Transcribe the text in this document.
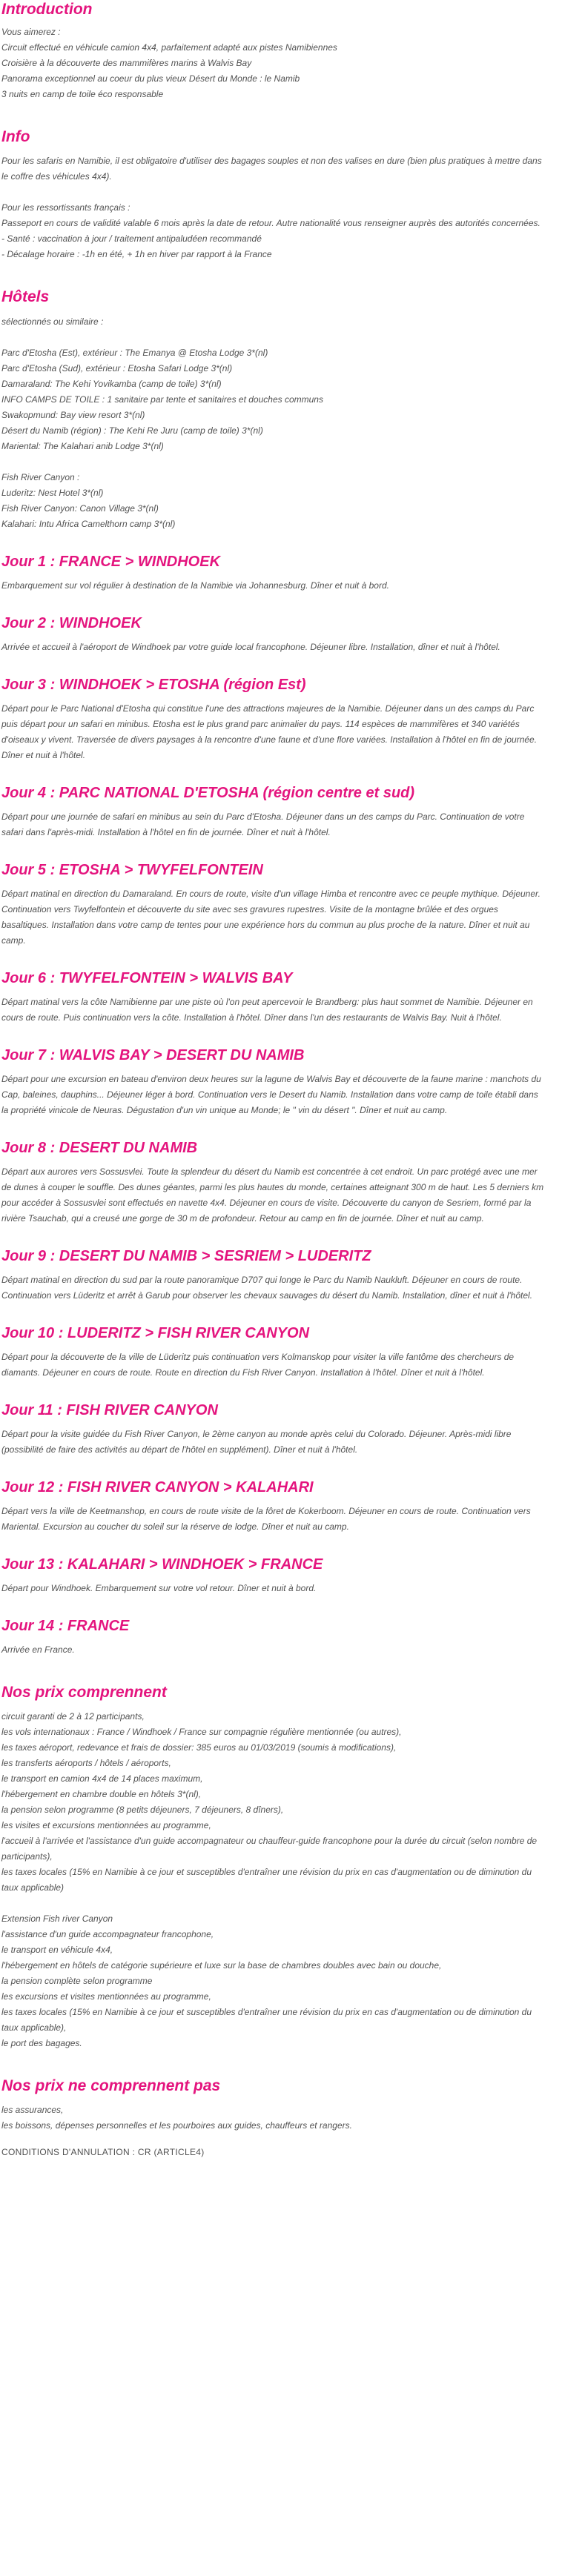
Introduction

Vous aimerez :
Circuit effectué en véhicule camion 4x4, parfaitement adapté aux pistes Namibiennes
Croisière à la découverte des mammifères marins à Walvis Bay
Panorama exceptionnel au coeur du plus vieux Désert du Monde : le Namib
3 nuits en camp de toile éco responsable

Info

Pour les safaris en Namibie, il est obligatoire d'utiliser des bagages souples et non des valises en dure (bien plus pratiques à mettre dans le coffre des véhicules 4x4).

Pour les ressortissants français :
Passeport en cours de validité valable 6 mois après la date de retour. Autre nationalité vous renseigner auprès des autorités concernées.
- Santé : vaccination à jour / traitement antipaludéen recommandé
- Décalage horaire : -1h en été, + 1h en hiver par rapport à la France

Hôtels

sélectionnés ou similaire :

Parc d'Etosha (Est), extérieur : The Emanya @ Etosha Lodge 3*(nl)
Parc d'Etosha (Sud), extérieur : Etosha Safari Lodge 3*(nl)
Damaraland: The Kehi Yovikamba (camp de toile) 3*(nl)
INFO CAMPS DE TOILE : 1 sanitaire par tente et sanitaires et douches communs
Swakopmund: Bay view resort 3*(nl)
Désert du Namib (région) : The Kehi Re Juru (camp de toile) 3*(nl)
Mariental: The Kalahari anib Lodge 3*(nl)

Fish River Canyon :
Luderitz: Nest Hotel 3*(nl)
Fish River Canyon: Canon Village 3*(nl)
Kalahari: Intu Africa Camelthorn camp 3*(nl)

Jour 1 : FRANCE > WINDHOEK

Embarquement sur vol régulier à destination de la Namibie via Johannesburg. Dîner et nuit à bord.

Jour 2 : WINDHOEK

Arrivée et accueil à l'aéroport de Windhoek par votre guide local francophone. Déjeuner libre. Installation, dîner et nuit à l'hôtel.

Jour 3 : WINDHOEK > ETOSHA (région Est)

Départ pour le Parc National d'Etosha qui constitue l'une des attractions majeures de la Namibie. Déjeuner dans un des camps du Parc puis départ pour un safari en minibus. Etosha est le plus grand parc animalier du pays. 114 espèces de mammifères et 340 variétés d'oiseaux y vivent. Traversée de divers paysages à la rencontre d'une faune et d'une flore variées. Installation à l'hôtel en fin de journée. Dîner et nuit à l'hôtel.

Jour 4 : PARC NATIONAL D'ETOSHA (région centre et sud)

Départ pour une journée de safari en minibus au sein du Parc d'Etosha. Déjeuner dans un des camps du Parc. Continuation de votre safari dans l'après-midi. Installation à l'hôtel en fin de journée. Dîner et nuit à l'hôtel.

Jour 5 : ETOSHA > TWYFELFONTEIN

Départ matinal en direction du Damaraland. En cours de route, visite d'un village Himba et rencontre avec ce peuple mythique. Déjeuner. Continuation vers Twyfelfontein et découverte du site avec ses gravures rupestres. Visite de la montagne brûlée et des orgues basaltiques. Installation dans votre camp de tentes pour une expérience hors du commun au plus proche de la nature. Dîner et nuit au camp.

Jour 6 : TWYFELFONTEIN > WALVIS BAY

Départ matinal vers la côte Namibienne par une piste où l'on peut apercevoir le Brandberg: plus haut sommet de Namibie. Déjeuner en cours de route. Puis continuation vers la côte. Installation à l'hôtel. Dîner dans l'un des restaurants de Walvis Bay. Nuit à l'hôtel.

Jour 7 : WALVIS BAY > DESERT DU NAMIB

Départ pour une excursion en bateau d'environ deux heures sur la lagune de Walvis Bay et découverte de la faune marine : manchots du Cap, baleines, dauphins... Déjeuner léger à bord. Continuation vers le Desert du Namib. Installation dans votre camp de toile établi dans la propriété vinicole de Neuras. Dégustation d'un vin unique au Monde; le " vin du désert ". Dîner et nuit au camp.

Jour 8 : DESERT DU NAMIB

Départ aux aurores vers Sossusvlei. Toute la splendeur du désert du Namib est concentrée à cet endroit. Un parc protégé avec une mer de dunes à couper le souffle. Des dunes géantes, parmi les plus hautes du monde, certaines atteignant 300 m de haut. Les 5 derniers km pour accéder à Sossusvlei sont effectués en navette 4x4. Déjeuner en cours de visite. Découverte du canyon de Sesriem, formé par la rivière Tsauchab, qui a creusé une gorge de 30 m de profondeur. Retour au camp en fin de journée. Dîner et nuit au camp.

Jour 9 : DESERT DU NAMIB > SESRIEM > LUDERITZ

Départ matinal en direction du sud par la route panoramique D707 qui longe le Parc du Namib Naukluft. Déjeuner en cours de route. Continuation vers Lüderitz et arrêt à Garub pour observer les chevaux sauvages du désert du Namib. Installation, dîner et nuit à l'hôtel.

Jour 10 : LUDERITZ > FISH RIVER CANYON

Départ pour la découverte de la ville de Lüderitz puis continuation vers Kolmanskop pour visiter la ville fantôme des chercheurs de diamants. Déjeuner en cours de route. Route en direction du Fish River Canyon. Installation à l'hôtel. Dîner et nuit à l'hôtel.

Jour 11 : FISH RIVER CANYON

Départ pour la visite guidée du Fish River Canyon, le 2ème canyon au monde après celui du Colorado. Déjeuner. Après-midi libre (possibilité de faire des activités au départ de l'hôtel en supplément). Dîner et nuit à l'hôtel.

Jour 12 : FISH RIVER CANYON > KALAHARI

Départ vers la ville de Keetmanshop, en cours de route visite de la fôret de Kokerboom. Déjeuner en cours de route. Continuation vers Mariental. Excursion au coucher du soleil sur la réserve de lodge. Dîner et nuit au camp.

Jour 13 : KALAHARI > WINDHOEK > FRANCE

Départ pour Windhoek. Embarquement sur votre vol retour. Dîner et nuit à bord.

Jour 14 : FRANCE

Arrivée en France.

Nos prix comprennent

circuit garanti de 2 à 12 participants,
les vols internationaux : France / Windhoek / France sur compagnie régulière mentionnée (ou autres),
les taxes aéroport, redevance et frais de dossier: 385 euros au 01/03/2019 (soumis à modifications),
les transferts aéroports / hôtels / aéroports,
le transport en camion 4x4 de 14 places maximum,
l'hébergement en chambre double en hôtels 3*(nl),
la pension selon programme (8 petits déjeuners, 7 déjeuners, 8 dîners),
les visites et excursions mentionnées au programme,
l'accueil à l'arrivée et l'assistance d'un guide accompagnateur ou chauffeur-guide francophone pour la durée du circuit (selon nombre de participants),
les taxes locales (15% en Namibie à ce jour et susceptibles d'entraîner une révision du prix en cas d'augmentation ou de diminution du taux applicable)

Extension Fish river Canyon
l'assistance d'un guide accompagnateur francophone,
le transport en véhicule 4x4,
l'hébergement en hôtels de catégorie supérieure et luxe sur la base de chambres doubles avec bain ou douche,
la pension complète selon programme
les excursions et visites mentionnées au programme,
les taxes locales (15% en Namibie à ce jour et susceptibles d'entraîner une révision du prix en cas d'augmentation ou de diminution du taux applicable),
le port des bagages.

Nos prix ne comprennent pas

les assurances,
les boissons, dépenses personnelles et les pourboires aux guides, chauffeurs et rangers.

CONDITIONS D'ANNULATION : CR (ARTICLE4)
